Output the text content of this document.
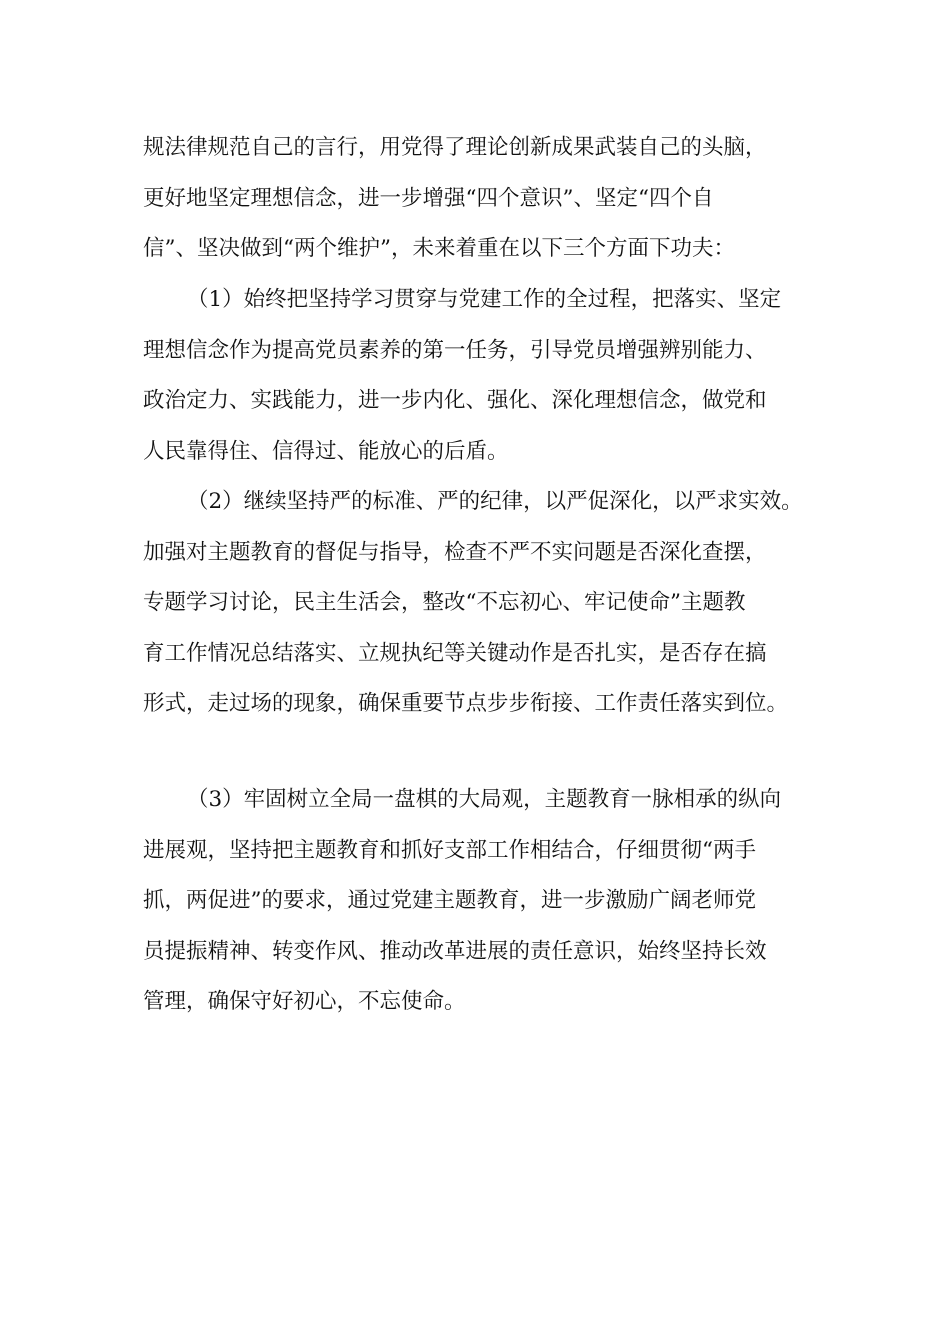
规法律规范自己的言行，用党得了理论创新成果武装自己的头脑，
更好地坚定理想信念，进一步增强“四个意识”、坚定“四个自
信”、坚决做到“两个维护”，未来着重在以下三个方面下功夫：
（1）始终把坚持学习贯穿与党建工作的全过程，把落实、坚定
理想信念作为提高党员素养的第一任务，引导党员增强辨别能力、
政治定力、实践能力，进一步内化、强化、深化理想信念，做党和
人民靠得住、信得过、能放心的后盾。
（2）继续坚持严的标准、严的纪律，以严促深化，以严求实效。
加强对主题教育的督促与指导，检查不严不实问题是否深化查摆，
专题学习讨论，民主生活会，整改“不忘初心、牢记使命”主题教
育工作情况总结落实、立规执纪等关键动作是否扎实，是否存在搞
形式，走过场的现象，确保重要节点步步衔接、工作责任落实到位。
（3）牢固树立全局一盘棋的大局观，主题教育一脉相承的纵向
进展观，坚持把主题教育和抓好支部工作相结合，仔细贯彻“两手
抓，两促进”的要求，通过党建主题教育，进一步激励广阔老师党
员提振精神、转变作风、推动改革进展的责任意识，始终坚持长效
管理，确保守好初心，不忘使命。
